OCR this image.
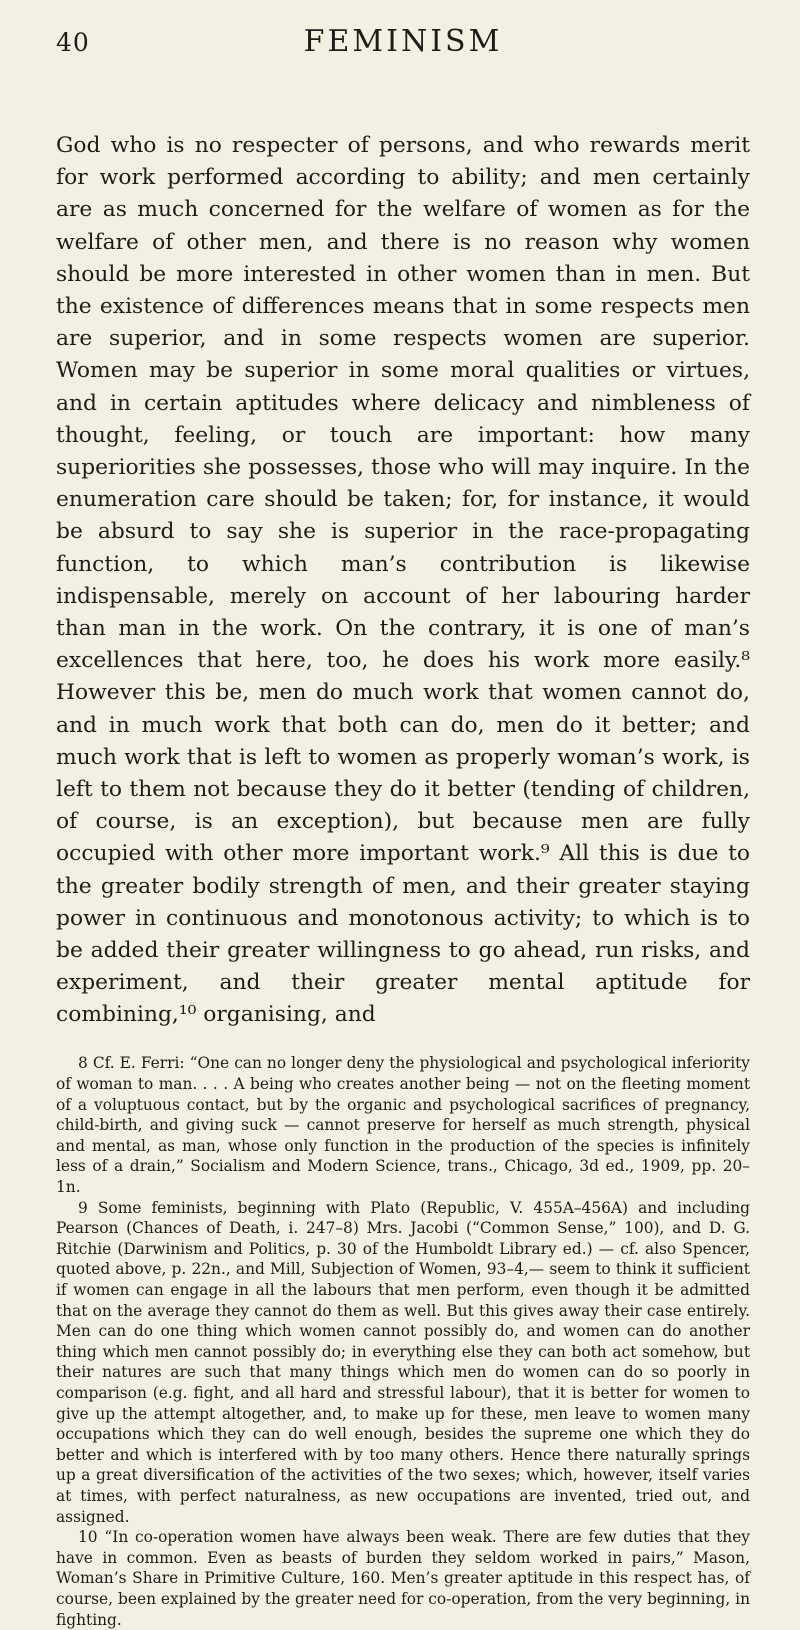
40	FEMINISM

God who is no respecter of persons, and who rewards merit for work performed according to ability; and men certainly are as much concerned for the welfare of women as for the welfare of other men, and there is no reason why women should be more interested in other women than in men. But the existence of differences means that in some respects men are superior, and in some respects women are superior. Women may be superior in some moral qualities or virtues, and in certain aptitudes where delicacy and nimbleness of thought, feeling, or touch are important: how many superiorities she possesses, those who will may inquire. In the enumeration care should be taken; for, for instance, it would be absurd to say she is superior in the race-propagating function, to which man’s contribution is likewise indispensable, merely on account of her labouring harder than man in the work. On the contrary, it is one of man’s excellences that here, too, he does his work more easily.⁸ However this be, men do much work that women cannot do, and in much work that both can do, men do it better; and much work that is left to women as properly woman’s work, is left to them not because they do it better (tending of children, of course, is an exception), but because men are fully occupied with other more important work.⁹ All this is due to the greater bodily strength of men, and their greater staying power in continuous and monotonous activity; to which is to be added their greater willingness to go ahead, run risks, and experiment, and their greater mental aptitude for combining,¹⁰ organising, and

8 Cf. E. Ferri: “One can no longer deny the physiological and psychological inferiority of woman to man. . . . A being who creates another being — not on the fleeting moment of a voluptuous contact, but by the organic and psychological sacrifices of pregnancy, child-birth, and giving suck — cannot preserve for herself as much strength, physical and mental, as man, whose only function in the production of the species is infinitely less of a drain,” Socialism and Modern Science, trans., Chicago, 3d ed., 1909, pp. 20–1n.

9 Some feminists, beginning with Plato (Republic, V. 455A–456A) and including Pearson (Chances of Death, i. 247–8) Mrs. Jacobi (“Common Sense,” 100), and D. G. Ritchie (Darwinism and Politics, p. 30 of the Humboldt Library ed.) — cf. also Spencer, quoted above, p. 22n., and Mill, Subjection of Women, 93–4,— seem to think it sufficient if women can engage in all the labours that men perform, even though it be admitted that on the average they cannot do them as well. But this gives away their case entirely. Men can do one thing which women cannot possibly do, and women can do another thing which men cannot possibly do; in everything else they can both act somehow, but their natures are such that many things which men do women can do so poorly in comparison (e.g. fight, and all hard and stressful labour), that it is better for women to give up the attempt altogether, and, to make up for these, men leave to women many occupations which they can do well enough, besides the supreme one which they do better and which is interfered with by too many others. Hence there naturally springs up a great diversification of the activities of the two sexes; which, however, itself varies at times, with perfect naturalness, as new occupations are invented, tried out, and assigned.

10 “In co-operation women have always been weak. There are few duties that they have in common. Even as beasts of burden they seldom worked in pairs,” Mason, Woman’s Share in Primitive Culture, 160. Men’s greater aptitude in this respect has, of course, been explained by the greater need for co-operation, from the very beginning, in fighting.
